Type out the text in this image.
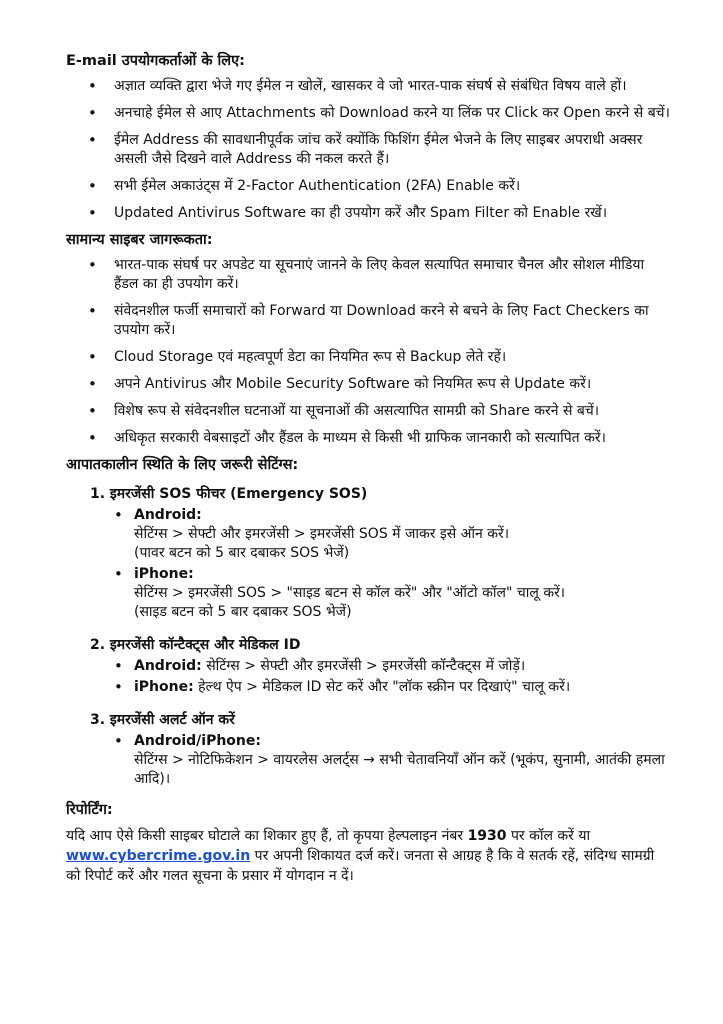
E-mail उपयोगकर्ताओं के लिए:
• अज्ञात व्यक्ति द्वारा भेजे गए ईमेल न खोलें, खासकर वे जो भारत-पाक संघर्ष से संबंधित विषय वाले हों।
• अनचाहे ईमेल से आए Attachments को Download करने या लिंक पर Click कर Open करने से बचें।
• ईमेल Address की सावधानीपूर्वक जांच करें क्योंकि फिशिंग ईमेल भेजने के लिए साइबर अपराधी अक्सर असली जैसे दिखने वाले Address की नकल करते हैं।
• सभी ईमेल अकाउंट्स में 2-Factor Authentication (2FA) Enable करें।
• Updated Antivirus Software का ही उपयोग करें और Spam Filter को Enable रखें।
सामान्य साइबर जागरूकता:
• भारत-पाक संघर्ष पर अपडेट या सूचनाएं जानने के लिए केवल सत्यापित समाचार चैनल और सोशल मीडिया हैंडल का ही उपयोग करें।
• संवेदनशील फर्जी समाचारों को Forward या Download करने से बचने के लिए Fact Checkers का उपयोग करें।
• Cloud Storage एवं महत्वपूर्ण डेटा का नियमित रूप से Backup लेते रहें।
• अपने Antivirus और Mobile Security Software को नियमित रूप से Update करें।
• विशेष रूप से संवेदनशील घटनाओं या सूचनाओं की असत्यापित सामग्री को Share करने से बचें।
• अधिकृत सरकारी वेबसाइटों और हैंडल के माध्यम से किसी भी ग्राफिक जानकारी को सत्यापित करें।
आपातकालीन स्थिति के लिए जरूरी सेटिंग्स:
1. इमरजेंसी SOS फीचर (Emergency SOS)
• Android:
सेटिंग्स > सेफ्टी और इमरजेंसी > इमरजेंसी SOS में जाकर इसे ऑन करें।
(पावर बटन को 5 बार दबाकर SOS भेजें)
• iPhone:
सेटिंग्स > इमरजेंसी SOS > "साइड बटन से कॉल करें" और "ऑटो कॉल" चालू करें।
(साइड बटन को 5 बार दबाकर SOS भेजें)
2. इमरजेंसी कॉन्टैक्ट्स और मेडिकल ID
• Android: सेटिंग्स > सेफ्टी और इमरजेंसी > इमरजेंसी कॉन्टैक्ट्स में जोड़ें।
• iPhone: हेल्थ ऐप > मेडिकल ID सेट करें और "लॉक स्क्रीन पर दिखाएं" चालू करें।
3. इमरजेंसी अलर्ट ऑन करें
• Android/iPhone:
सेटिंग्स > नोटिफिकेशन > वायरलेस अलर्ट्स → सभी चेतावनियाँ ऑन करें (भूकंप, सुनामी, आतंकी हमला आदि)।
रिपोर्टिंग:

यदि आप ऐसे किसी साइबर घोटाले का शिकार हुए हैं, तो कृपया हेल्पलाइन नंबर 1930 पर कॉल करें या www.cybercrime.gov.in पर अपनी शिकायत दर्ज करें। जनता से आग्रह है कि वे सतर्क रहें, संदिग्ध सामग्री को रिपोर्ट करें और गलत सूचना के प्रसार में योगदान न दें।
